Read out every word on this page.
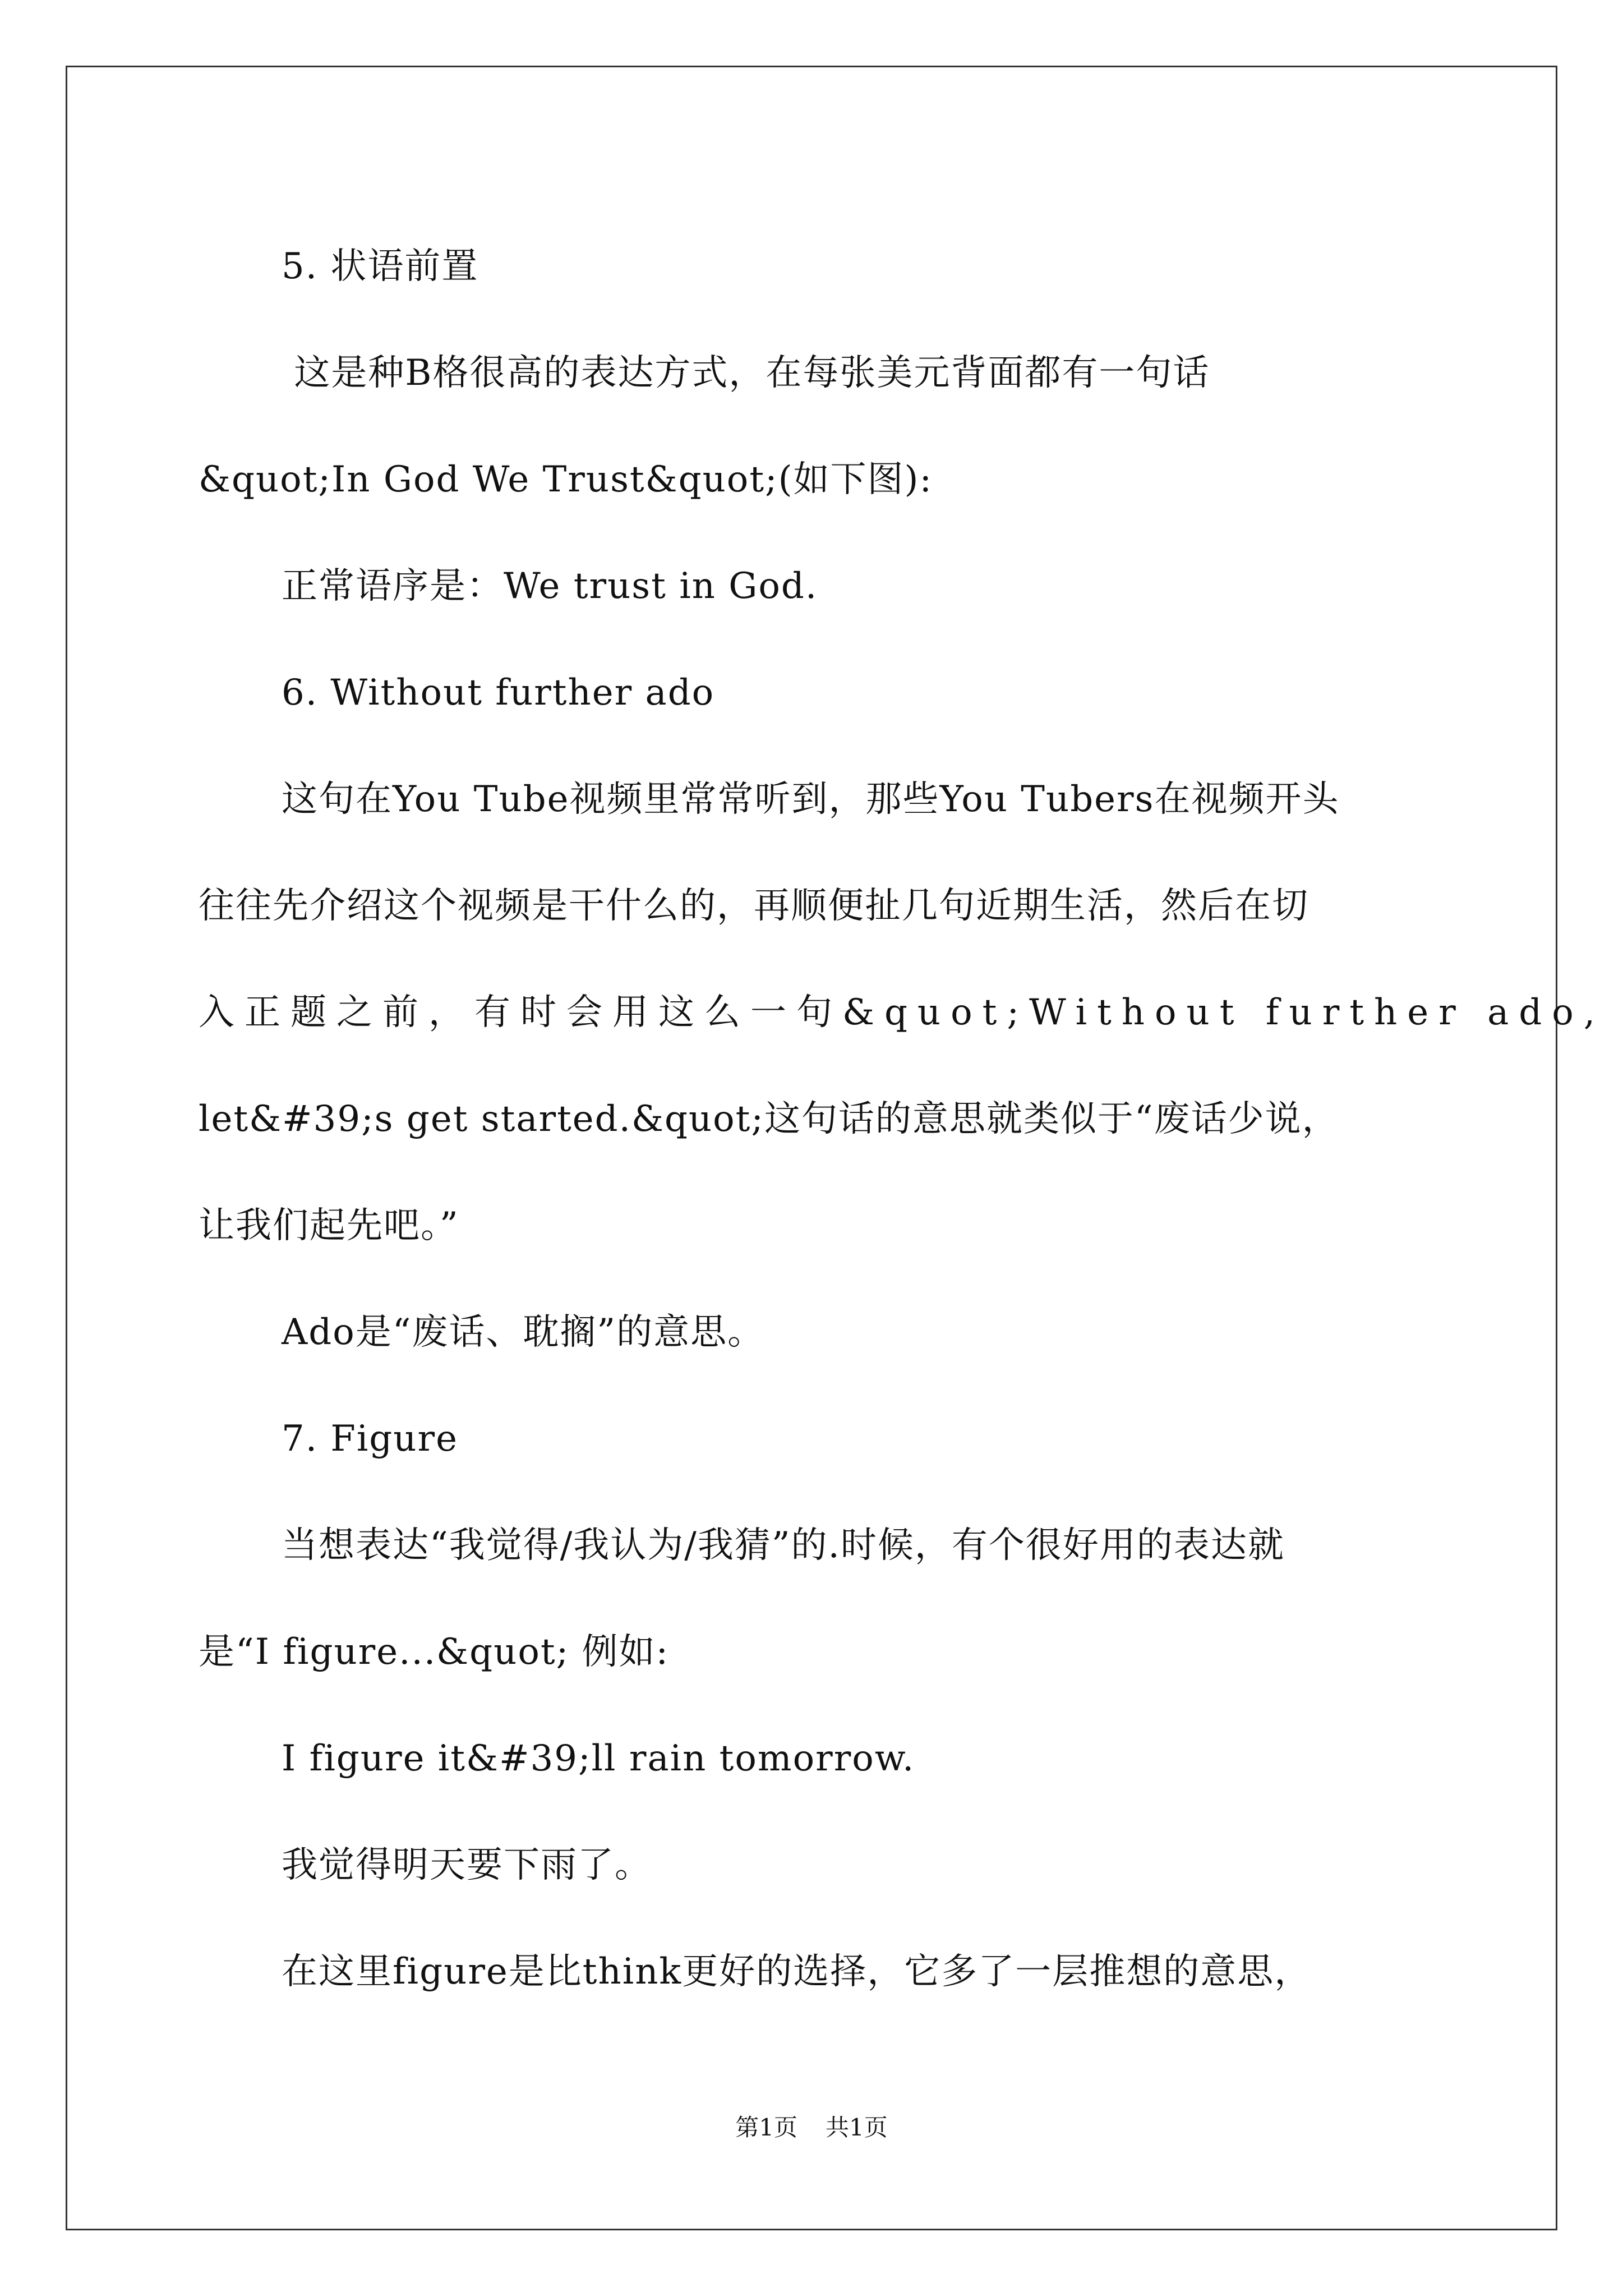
5. 状语前置
这是种B格很高的表达方式，在每张美元背面都有一句话
&quot;In God We Trust&quot;(如下图):
正常语序是：We trust in God.
6. Without further ado
这句在You Tube视频里常常听到，那些You Tubers在视频开头
往往先介绍这个视频是干什么的，再顺便扯几句近期生活，然后在切
入正题之前，有时会用这么一句&quot;Without further ado,
let&#39;s get started.&quot;这句话的意思就类似于“废话少说，
让我们起先吧。”
Ado是“废话、耽搁”的意思。
7. Figure
当想表达“我觉得/我认为/我猜”的.时候，有个很好用的表达就
是“I figure...&quot; 例如:
I figure it&#39;ll rain tomorrow.
我觉得明天要下雨了。
在这里figure是比think更好的选择，它多了一层推想的意思，
第1页 共1页
